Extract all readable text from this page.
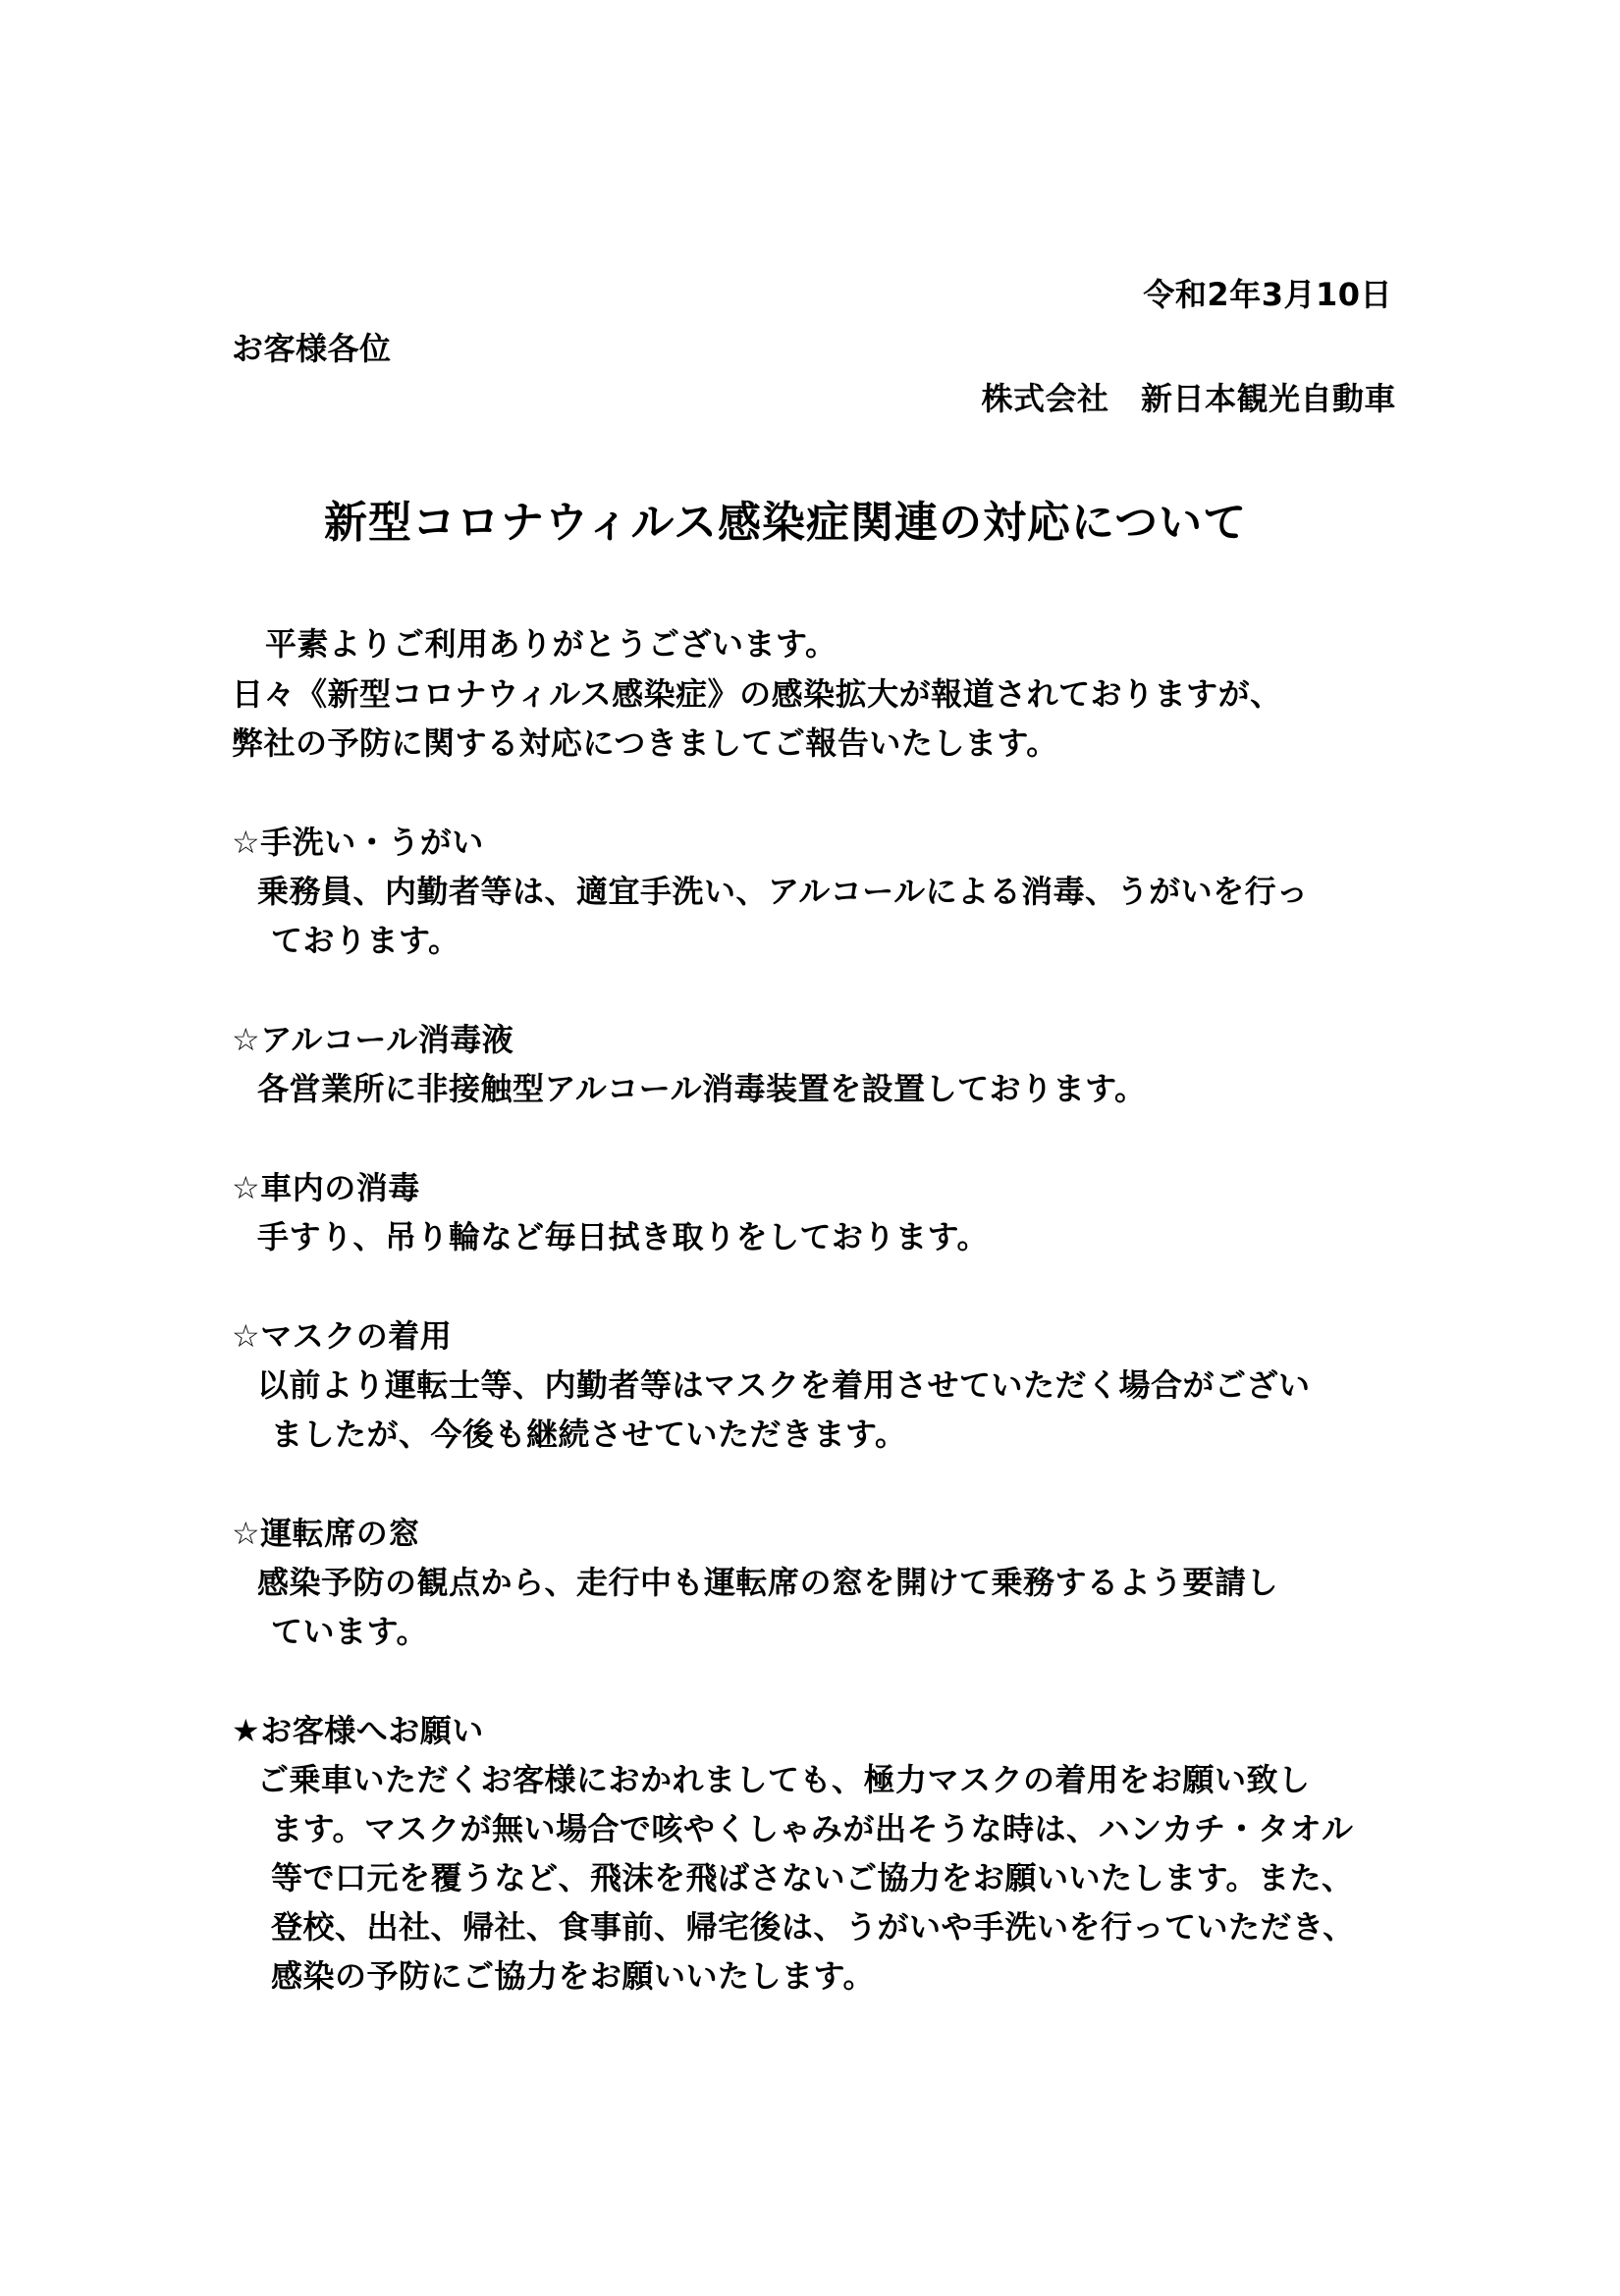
令和2年3月10日
お客様各位
株式会社　新日本観光自動車
新型コロナウィルス感染症関連の対応について
平素よりご利用ありがとうございます。
日々《新型コロナウィルス感染症》の感染拡大が報道されておりますが、
弊社の予防に関する対応につきましてご報告いたします。
☆手洗い・うがい
乗務員、内勤者等は、適宜手洗い、アルコールによる消毒、うがいを行っ
ております。
☆アルコール消毒液
各営業所に非接触型アルコール消毒装置を設置しております。
☆車内の消毒
手すり、吊り輪など毎日拭き取りをしております。
☆マスクの着用
以前より運転士等、内勤者等はマスクを着用させていただく場合がござい
ましたが、今後も継続させていただきます。
☆運転席の窓
感染予防の観点から、走行中も運転席の窓を開けて乗務するよう要請し
ています。
★お客様へお願い
ご乗車いただくお客様におかれましても、極力マスクの着用をお願い致し
ます。マスクが無い場合で咳やくしゃみが出そうな時は、ハンカチ・タオル
等で口元を覆うなど、飛沫を飛ばさないご協力をお願いいたします。また、
登校、出社、帰社、食事前、帰宅後は、うがいや手洗いを行っていただき、
感染の予防にご協力をお願いいたします。
